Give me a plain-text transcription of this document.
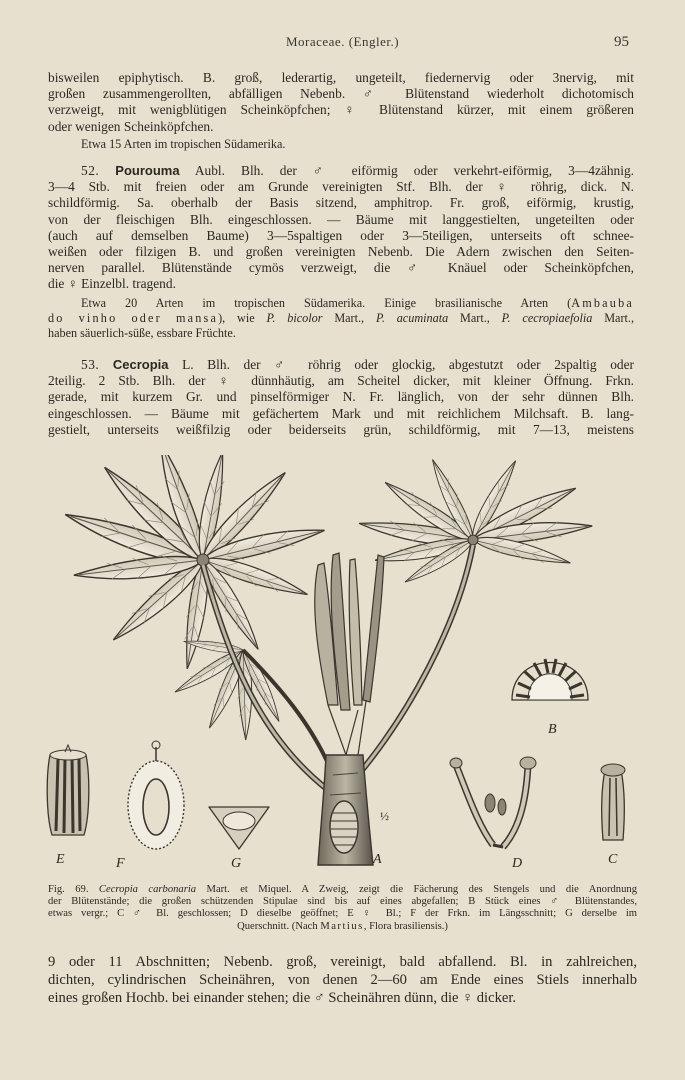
Moraceae. (Engler.)	95
bisweilen epiphytisch. B. groß, lederartig, ungeteilt, fiedernervig oder 3nervig, mit
großen zusammengerollten, abfälligen Nebenb. ♂ Blütenstand wiederholt dichotomisch
verzweigt, mit wenigblütigen Scheinköpfchen; ♀ Blütenstand kürzer, mit einem größeren
oder wenigen Scheinköpfchen.
Etwa 15 Arten im tropischen Südamerika.
52. Pourouma Aubl. Blh. der ♂ eiförmig oder verkehrt-eiförmig, 3—4zähnig.
3—4 Stb. mit freien oder am Grunde vereinigten Stf. Blh. der ♀ röhrig, dick. N.
schildförmig. Sa. oberhalb der Basis sitzend, amphitrop. Fr. groß, eiförmig, krustig,
von der fleischigen Blh. eingeschlossen. — Bäume mit langgestielten, ungeteilten oder
(auch auf demselben Baume) 3—5spaltigen oder 3—5teiligen, unterseits oft schnee-
weißen oder filzigen B. und großen vereinigten Nebenb. Die Adern zwischen den Seiten-
nerven parallel. Blütenstände cymös verzweigt, die ♂ Knäuel oder Scheinköpfchen,
die ♀ Einzelbl. tragend.
Etwa 20 Arten im tropischen Südamerika. Einige brasilianische Arten (Ambauba
do vinho oder mansa), wie P. bicolor Mart., P. acuminata Mart., P. cecropiaefolia Mart.,
haben säuerlich-süße, essbare Früchte.
53. Cecropia L. Blh. der ♂ röhrig oder glockig, abgestutzt oder 2spaltig oder
2teilig. 2 Stb. Blh. der ♀ dünnhäutig, am Scheitel dicker, mit kleiner Öffnung. Frkn.
gerade, mit kurzem Gr. und pinselförmiger N. Fr. länglich, von der sehr dünnen Blh.
eingeschlossen. — Bäume mit gefächertem Mark und mit reichlichem Milchsaft. B. lang-
gestielt, unterseits weißfilzig oder beiderseits grün, schildförmig, mit 7—13, meistens
B
E	F	G	D	C
A
½
Fig. 69. Cecropia carbonaria Mart. et Miquel. A Zweig, zeigt die Fächerung des Stengels und die Anordnung
der Blütenstände; die großen schützenden Stipulae sind bis auf eines abgefallen; B Stück eines ♂ Blütenstandes,
etwas vergr.; C ♂ Bl. geschlossen; D dieselbe geöffnet; E ♀ Bl.; F der Frkn. im Längsschnitt; G derselbe im
Querschnitt. (Nach Martius, Flora brasiliensis.)
9 oder 11 Abschnitten; Nebenb. groß, vereinigt, bald abfallend. Bl. in zahlreichen,
dichten, cylindrischen Scheinähren, von denen 2—60 am Ende eines Stiels innerhalb
eines großen Hochb. bei einander stehen; die ♂ Scheinähren dünn, die ♀ dicker.
